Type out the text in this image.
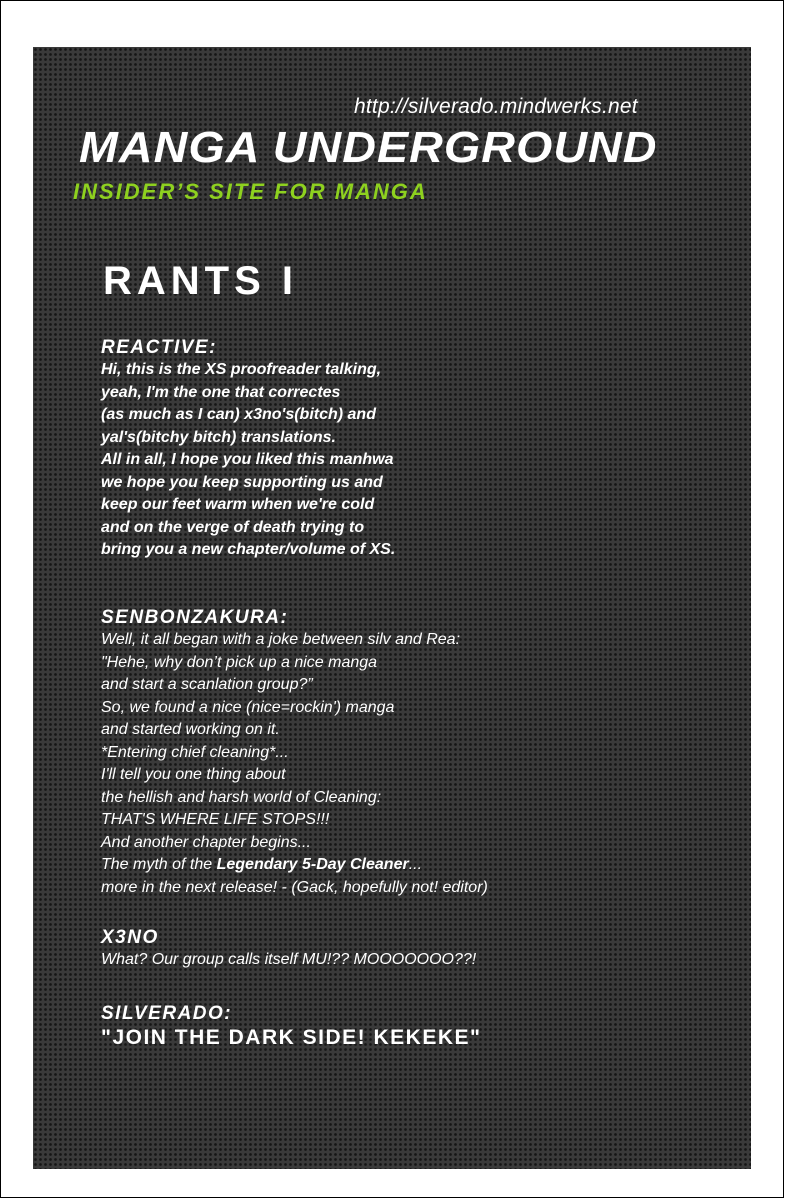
http://silverado.mindwerks.net
MANGA UNDERGROUND
INSIDER’S SITE FOR MANGA
RANTS I
REACTIVE:
Hi, this is the XS proofreader talking,
yeah, I'm the one that correctes
(as much as I can) x3no's(bitch) and
yal's(bitchy bitch) translations.
All in all, I hope you liked this manhwa
we hope you keep supporting us and
keep our feet warm when we're cold
and on the verge of death trying to
bring you a new chapter/volume of XS.
SENBONZAKURA:
Well, it all began with a joke between silv and Rea:
"Hehe, why don’t pick up a nice manga
and start a scanlation group?”
So, we found a nice (nice=rockin') manga
and started working on it.
*Entering chief cleaning*...
I'll tell you one thing about
the hellish and harsh world of Cleaning:
THAT'S WHERE LIFE STOPS!!!
And another chapter begins...
The myth of the Legendary 5-Day Cleaner...
more in the next release! - (Gack, hopefully not! editor)
X3NO
What? Our group calls itself MU!?? MOOOOOOO??!
SILVERADO:
"JOIN THE DARK SIDE! KEKEKE"
